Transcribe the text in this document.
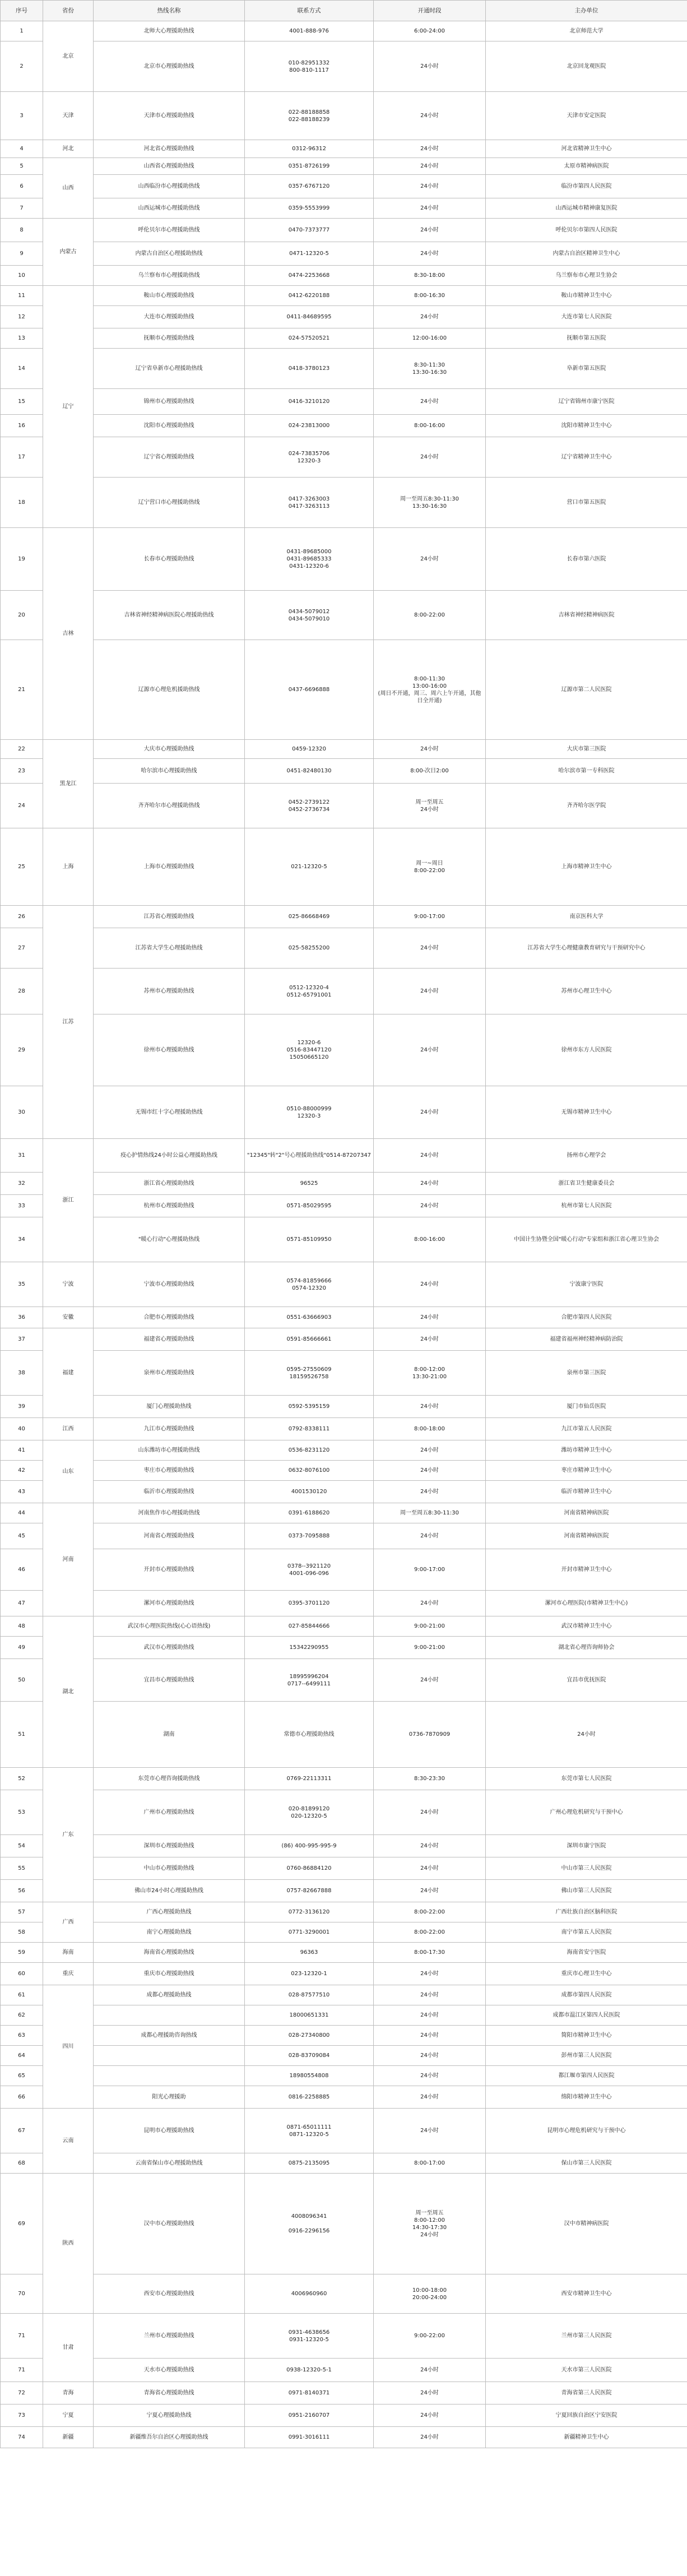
序号	省份	热线名称	联系方式	开通时段	主办单位	
1	北京	北师大心理援助热线	4001-888-976	6:00-24:00	北京师范大学	
2		北京市心理援助热线	010-82951332
800-810-1117	24小时	北京回龙观医院	
3	天津	天津市心理援助热线	022-88188858
022-88188239	24小时	天津市安定医院	
4	河北	河北省心理援助热线	0312-96312	24小时	河北省精神卫生中心	
5	山西	山西省心理援助热线	0351-8726199	24小时	太原市精神病医院	
6		山西临汾市心理援助热线	0357-6767120	24小时	临汾市第四人民医院	
7		山西运城市心理援助热线	0359-5553999	24小时	山西运城市精神康复医院	
8	内蒙古	呼伦贝尔市心理援助热线	0470-7373777	24小时	呼伦贝尔市第四人民医院	
9		内蒙古自治区心理援助热线	0471-12320-5	24小时	内蒙古自治区精神卫生中心	
10		乌兰察布市心理援助热线	0474-2253668	8:30-18:00	乌兰察布市心理卫生协会	
11	辽宁	鞍山市心理援助热线	0412-6220188	8:00-16:30	鞍山市精神卫生中心	
12		大连市心理援助热线	0411-84689595	24小时	大连市第七人民医院	
13		抚顺市心理援助热线	024-57520521	12:00-16:00	抚顺市第五医院	
14		辽宁省阜新市心理援助热线	0418-3780123	8:30-11:30
13:30-16:30	阜新市第五医院	
15		锦州市心理援助热线	0416-3210120	24小时	辽宁省锦州市康宁医院	
16		沈阳市心理援助热线	024-23813000	8:00-16:00	沈阳市精神卫生中心	
17		辽宁省心理援助热线	024-73835706
12320-3	24小时	辽宁省精神卫生中心	
18		辽宁营口市心理援助热线	0417-3263003
0417-3263113	周一至周五8:30-11:30
13:30-16:30	营口市第五医院	
19	吉林	长春市心理援助热线	0431-89685000
0431-89685333
0431-12320-6	24小时	长春市第六医院	
20		吉林省神经精神病医院心理援助热线	0434-5079012
0434-5079010	8:00-22:00	吉林省神经精神病医院	
21		辽源市心理危机援助热线	0437-6696888	8:00-11:30
13:00-16:00
(周日不开通，周三、周六上午开通，其他日全开通)	辽源市第二人民医院	
22	黑龙江	大庆市心理援助热线	0459-12320	24小时	大庆市第三医院	
23		哈尔滨市心理援助热线	0451-82480130	8:00-次日2:00	哈尔滨市第一专科医院	
24		齐齐哈尔市心理援助热线	0452-2739122
0452-2736734	周一至周五
24小时	齐齐哈尔医学院	
25	上海	上海市心理援助热线	021-12320-5	周一~周日
8:00-22:00	上海市精神卫生中心	
26	江苏	江苏省心理援助热线	025-86668469	9:00-17:00	南京医科大学	
27		江苏省大学生心理援助热线	025-58255200	24小时	江苏省大学生心理健康教育研究与干预研究中心	
28		苏州市心理援助热线	0512-12320-4
0512-65791001	24小时	苏州市心理卫生中心	
29		徐州市心理援助热线	12320-6
0516-83447120
15050665120	24小时	徐州市东方人民医院	
30		无锡市红十字心理援助热线	0510-88000999
12320-3	24小时	无锡市精神卫生中心	
31	浙江	疫心护情热线24小时公益心理援助热线	"12345"转"2"号心理援助热线"0514-87207347	24小时	扬州市心理学会	
32		浙江省心理援助热线	96525	24小时	浙江省卫生健康委员会	
33		杭州市心理援助热线	0571-85029595	24小时	杭州市第七人民医院	
34		"暖心行动"心理援助热线	0571-85109950	8:00-16:00	中国计生协暨全国"暖心行动"专家组和浙江省心理卫生协会	
35	宁波	宁波市心理援助热线	0574-81859666
0574-12320	24小时	宁波康宁医院	
36	安徽	合肥市心理援助热线	0551-63666903	24小时	合肥市第四人民医院	
37	福建	福建省心理援助热线	0591-85666661	24小时	福建省福州神经精神病防治院	
38		泉州市心理援助热线	0595-27550609
18159526758	8:00-12:00
13:30-21:00	泉州市第三医院	
39		厦门心理援助热线	0592-5395159	24小时	厦门市仙岳医院	
40	江西	九江市心理援助热线	0792-8338111	8:00-18:00	九江市第五人民医院	
41	山东	山东潍坊市心理援助热线	0536-8231120	24小时	潍坊市精神卫生中心	
42		枣庄市心理援助热线	0632-8076100	24小时	枣庄市精神卫生中心	
43		临沂市心理援助热线	4001530120	24小时	临沂市精神卫生中心	
44	河南	河南焦作市心理援助热线	0391-6188620	周一至周五8:30-11:30	河南省精神病医院	
45		河南省心理援助热线	0373-7095888	24小时	河南省精神病医院	
46		开封市心理援助热线	0378--3921120
4001-096-096	9:00-17:00	开封市精神卫生中心	
47		漯河市心理援助热线	0395-3701120	24小时	漯河市心理医院(市精神卫生中心)	
48	湖北	武汉市心理医院热线(心心语热线)	027-85844666	9:00-21:00	武汉市精神卫生中心	
49		武汉市心理援助热线	15342290955	9:00-21:00	湖北省心理咨询师协会	
50		宜昌市心理援助热线	18995996204
0717--6499111	24小时	宜昌市优抚医院	
51		湖南	常德市心理援助热线	0736-7870909	24小时	
52	广东	东莞市心理咨询援助热线	0769-22113311	8:30-23:30	东莞市第七人民医院	
53		广州市心理援助热线	020-81899120
020-12320-5	24小时	广州心理危机研究与干预中心	
54		深圳市心理援助热线	(86) 400-995-995-9	24小时	深圳市康宁医院	
55		中山市心理援助热线	0760-86884120	24小时	中山市第三人民医院	
56		佛山市24小时心理援助热线	0757-82667888	24小时	佛山市第三人民医院	
57	广西	广西心理援助热线	0772-3136120	8:00-22:00	广西壮族自治区脑科医院	
58		南宁心理援助热线	0771-3290001	8:00-22:00	南宁市第五人民医院	
59	海南	海南省心理援助热线	96363	8:00-17:30	海南省安宁医院	
60	重庆	重庆市心理援助热线	023-12320-1	24小时	重庆市心理卫生中心	
61	四川	成都心理援助热线	028-87577510	24小时	成都市第四人民医院	
62			18000651331	24小时	成都市温江区第四人民医院	
63		成都心理援助咨询热线	028-27340800	24小时	简阳市精神卫生中心	
64			028-83709084	24小时	彭州市第三人民医院	
65			18980554808	24小时	都江堰市第四人民医院	
66		阳光心理援助	0816-2258885	24小时	绵阳市精神卫生中心	
67	云南	昆明市心理援助热线	0871-65011111
0871-12320-5	24小时	昆明市心理危机研究与干预中心	
68		云南省保山市心理援助热线	0875-2135095	8:00-17:00	保山市第三人民医院	
69	陕西	汉中市心理援助热线	4008096341

0916-2296156	周一至周五
8:00-12:00
14:30-17:30
24小时	汉中市精神病医院	
70		西安市心理援助热线	4006960960	10:00-18:00
20:00-24:00	西安市精神卫生中心	
71	甘肃	兰州市心理援助热线	0931-4638656
0931-12320-5	9:00-22:00	兰州市第三人民医院	
71		天水市心理援助热线	0938-12320-5-1	24小时	天水市第三人民医院	
72	青海	青海省心理援助热线	0971-8140371	24小时	青海省第三人民医院	
73	宁夏	宁夏心理援助热线	0951-2160707	24小时	宁夏回族自治区宁安医院	
74	新疆	新疆维吾尔自治区心理援助热线	0991-3016111	24小时	新疆精神卫生中心	
